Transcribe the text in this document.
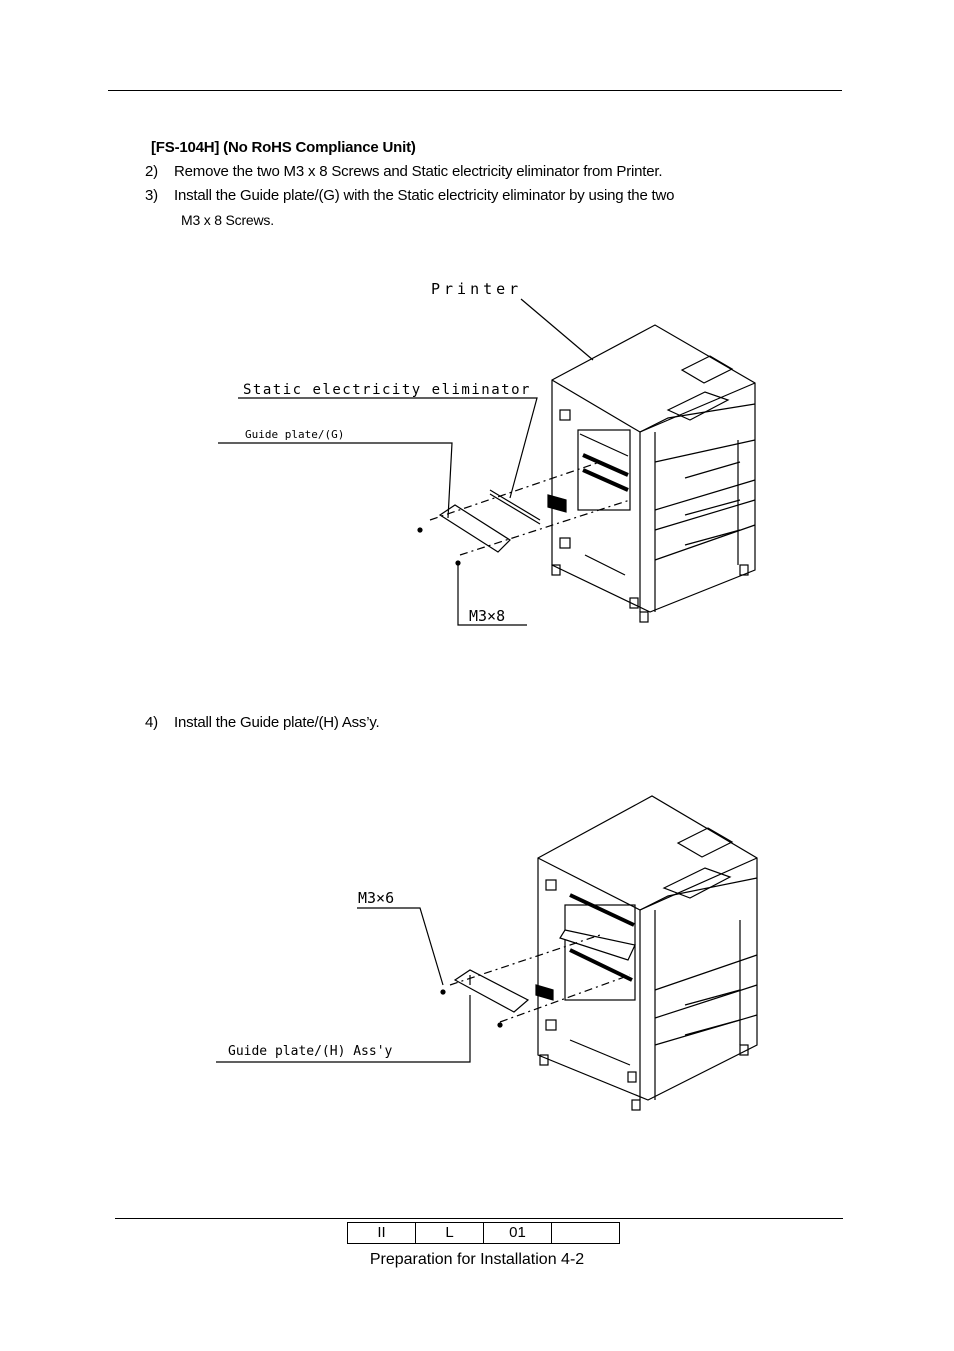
[FS-104H] (No RoHS Compliance Unit)
2) Remove the two M3 x 8 Screws and Static electricity eliminator from Printer.
3) Install the Guide plate/(G) with the Static electricity eliminator by using the two
M3 x 8 Screws.
4) Install the Guide plate/(H) Ass’y.
Printer
Static electricity eliminator
Guide plate/(G)
M3×8
M3×6
Guide plate/(H) Ass'y
II	L	01	
Preparation for Installation 4-2
